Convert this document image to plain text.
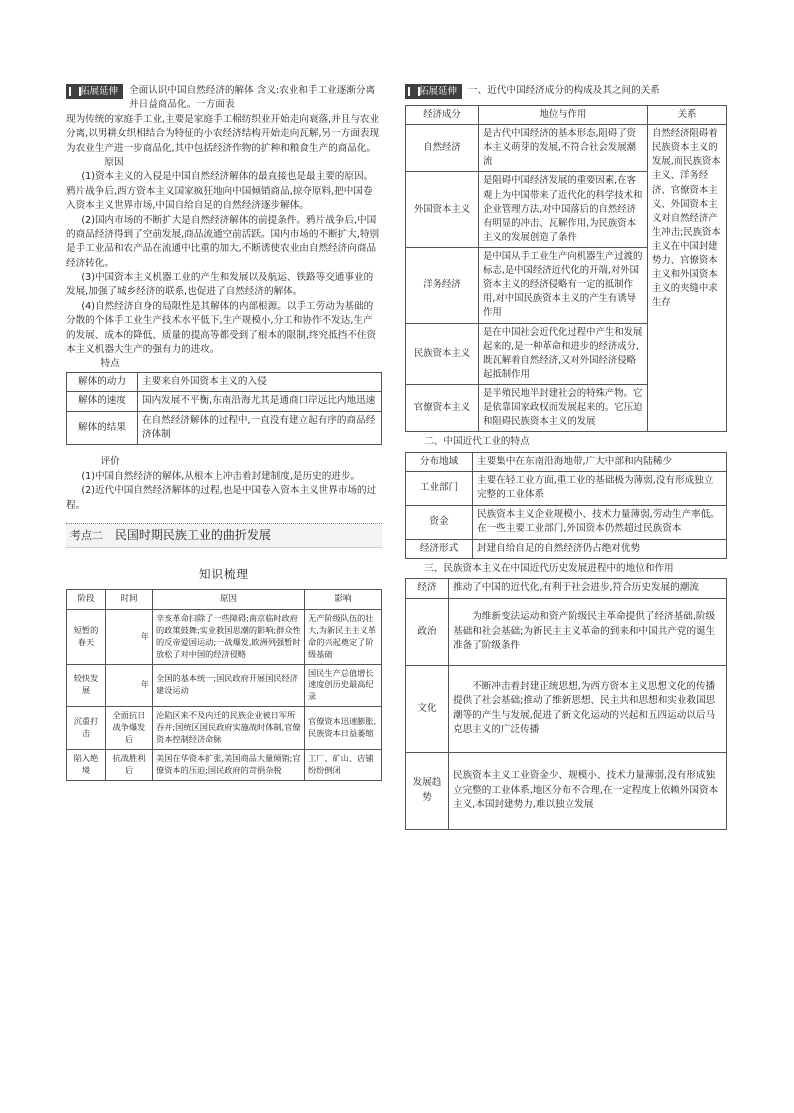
拓展延伸	全面认识中国自然经济的解体 含义:农业和手工业逐渐分离并日益商品化。一方面表

现为传统的家庭手工业,主要是家庭手工棉纺织业开始走向衰落,并且与农业分离,以男耕女织相结合为特征的小农经济结构开始走向瓦解,另一方面表现为农业生产进一步商品化,其中包括经济作物的扩种和粮食生产的商品化。

原因

(1)资本主义的入侵是中国自然经济解体的最直接也是最主要的原因。鸦片战争后,西方资本主义国家疯狂地向中国倾销商品,掠夺原料,把中国卷入资本主义世界市场,中国自给自足的自然经济逐步解体。

(2)国内市场的不断扩大是自然经济解体的前提条件。鸦片战争后,中国的商品经济得到了空前发展,商品流通空前活跃。国内市场的不断扩大,特别是手工业品和农产品在流通中比重的加大,不断诱使农业由自然经济向商品经济转化。

(3)中国资本主义机器工业的产生和发展以及航运、铁路等交通事业的发展,加强了城乡经济的联系,也促进了自然经济的解体。

(4)自然经济自身的局限性是其解体的内部根源。以手工劳动为基础的分散的个体手工业生产技术水平低下,生产规模小,分工和协作不发达,生产的发展、成本的降低、质量的提高等都受到了根本的限制,终究抵挡不住资本主义机器大生产的强有力的进攻。

特点

解体的动力	主要来自外国资本主义的入侵
解体的速度	国内发展不平衡,东南沿海尤其是通商口岸远比内地迅速
解体的结果	在自然经济解体的过程中,一直没有建立起有序的商品经济体制

评价

(1)中国自然经济的解体,从根本上冲击着封建制度,是历史的进步。

(2)近代中国自然经济解体的过程,也是中国卷入资本主义世界市场的过程。

考点二 民国时期民族工业的曲折发展
知识梳理
阶段	时间	原因	影响
短暂的春天	年	辛亥革命扫除了一些障碍;南京临时政府的政策鼓舞;实业救国思潮的影响;群众性的反帝爱国运动;一战爆发,欧洲列强暂时放松了对中国的经济侵略	无产阶级队伍的壮大,为新民主主义革命的兴起奠定了阶级基础
较快发展	年	全国的基本统一;国民政府开展国民经济建设运动	国民生产总值增长速度创历史最高纪录
沉重打击	全面抗日战争爆发后	沦陷区来不及内迁的民族企业被日军所吞并;国统区国民政府实施战时体制,官僚资本控制经济命脉	官僚资本迅速膨胀,民族资本日益萎缩
陷入绝境	抗战胜利后	美国在华资本扩张,美国商品大量倾销;官僚资本的压迫;国民政府的苛捐杂税	工厂、矿山、店铺纷纷倒闭
拓展延伸	一、近代中国经济成分的构成及其之间的关系
经济成分	地位与作用	关系
自然经济	是古代中国经济的基本形态,阻碍了资本主义萌芽的发展,不符合社会发展潮流	自然经济阻碍着民族资本主义的发展,而民族资本主义、洋务经济、官僚资本主义、外国资本主义对自然经济产生冲击;民族资本主义在中国封建势力、官僚资本主义和外国资本主义的夹缝中求生存
外国资本主义	是阻碍中国经济发展的重要因素,在客观上为中国带来了近代化的科学技术和企业管理方法,对中国落后的自然经济有明显的冲击、瓦解作用,为民族资本主义的发展创造了条件	
洋务经济	是中国从手工业生产向机器生产过渡的标志,是中国经济近代化的开端,对外国资本主义的经济侵略有一定的抵制作用,对中国民族资本主义的产生有诱导作用	
民族资本主义	是在中国社会近代化过程中产生和发展起来的,是一种革命和进步的经济成分,既瓦解着自然经济,又对外国经济侵略起抵制作用	
官僚资本主义	是半殖民地半封建社会的特殊产物。它是依靠国家政权而发展起来的。它压迫和阻碍民族资本主义的发展	
二、中国近代工业的特点
分布地域	主要集中在东南沿海地带,广大中部和内陆稀少
工业部门	主要在轻工业方面,重工业的基础极为薄弱,没有形成独立完整的工业体系
资金	民族资本主义企业规模小、技术力量薄弱,劳动生产率低。在一些主要工业部门,外国资本仍然超过民族资本
经济形式	封建自给自足的自然经济仍占绝对优势
三、民族资本主义在中国近代历史发展进程中的地位和作用
经济	推动了中国的近代化,有利于社会进步,符合历史发展的潮流
政治	为维新变法运动和资产阶级民主革命提供了经济基础,阶级基础和社会基础;为新民主主义革命的到来和中国共产党的诞生准备了阶级条件
文化	不断冲击着封建正统思想,为西方资本主义思想文化的传播提供了社会基础;推动了维新思想、民主共和思想和实业救国思潮等的产生与发展,促进了新文化运动的兴起和五四运动以后马克思主义的广泛传播
发展趋势	民族资本主义工业资金少、规模小、技术力量薄弱,没有形成独立完整的工业体系,地区分布不合理,在一定程度上依赖外国资本主义,本国封建势力,难以独立发展
